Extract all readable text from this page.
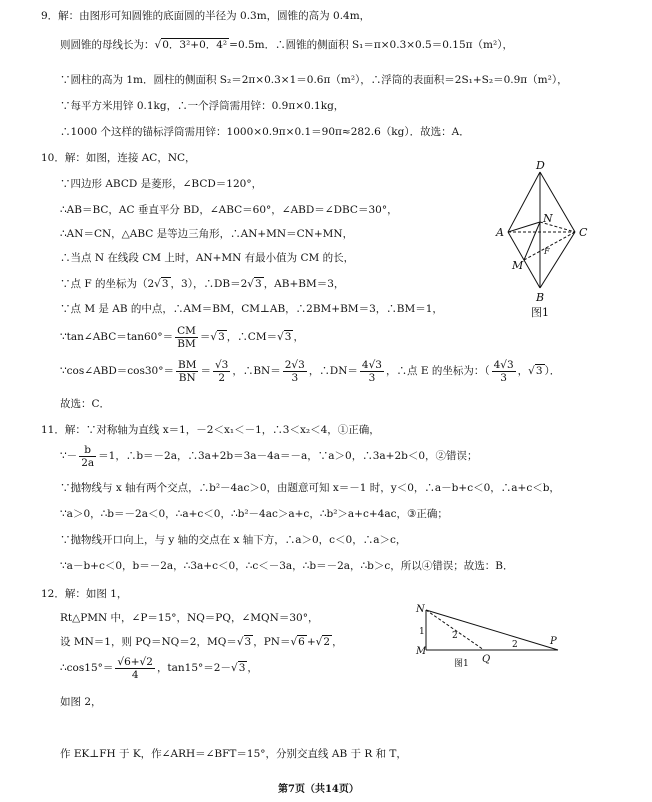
9．解：由图形可知圆锥的底面圆的半径为 0.3m，圆锥的高为 0.4m，
则圆锥的母线长为：√0．3²+0．4² =0.5m．∴圆锥的侧面积 S₁＝π×0.3×0.5＝0.15π（m²），
∵圆柱的高为 1m．圆柱的侧面积 S₂＝2π×0.3×1＝0.6π（m²），∴浮筒的表面积＝2S₁+S₂＝0.9π（m²），
∵每平方米用锌 0.1kg，∴一个浮筒需用锌：0.9π×0.1kg，
∴1000 个这样的锚标浮筒需用锌：1000×0.9π×0.1＝90π≈282.6（kg）．故选：A．
10．解：如图，连接 AC，NC，
∵四边形 ABCD 是菱形，∠BCD＝120°，
∴AB＝BC，AC 垂直平分 BD，∠ABC＝60°，∠ABD＝∠DBC＝30°，
∴AN＝CN，△ABC 是等边三角形，∴AN+MN＝CN+MN，
∴当点 N 在线段 CM 上时，AN+MN 有最小值为 CM 的长，
∵点 F 的坐标为（2√3 ，3），∴DB＝2√3 ，AB+BM＝3，
∵点 M 是 AB 的中点，∴AM＝BM，CM⊥AB，∴2BM+BM＝3，∴BM＝1，
∵tan∠ABC＝tan60°＝ $\frac{CM}{BM} =√3$ ，∴CM＝√3 ，
∵cos∠ABD＝cos30°＝ $\frac{BM}{BN} = \frac{√3}{2}$ ，∴BN＝ $\frac{2√3}{3}$ ，∴DN＝ $\frac{4√3}{3}$ ，∴点 E 的坐标为：（ $\frac{4√3}{3}$ ，√3 ）．
故选：C．
D
A	C
B
N
M
F
图1
11．解：∵对称轴为直线 x＝1，－2＜x₁＜－1，∴3＜x₂＜4，①正确，
∵－ $\frac{b}{2a} =1$，∴b＝－2a，∴3a+2b＝3a－4a＝－a，∵a＞0，∴3a+2b＜0，②错误；
∵抛物线与 x 轴有两个交点，∴b²－4ac＞0，由题意可知 x＝－1 时，y＜0，∴a－b+c＜0，∴a+c＜b，
∵a＞0，∴b＝－2a＜0，∴a+c＜0，∴b²－4ac＞a+c，∴b²＞a+c+4ac，③正确；
∵抛物线开口向上，与 y 轴的交点在 x 轴下方，∴a＞0，c＜0，∴a＞c，
∵a－b+c＜0，b＝－2a，∴3a+c＜0，∴c＜－3a，∴b＝－2a，∴b＞c，所以④错误；故选：B．
12．解：如图 1，
Rt△PMN 中，∠P＝15°，NQ＝PQ，∠MQN＝30°，
设 MN＝1，则 PQ＝NQ＝2，MQ＝√3 ，PN＝√6 +√2 ，
∴cos15°＝ $\frac{√6+√2}{4}$ ，tan15°＝2－√3 ，
如图 2，
作 EK⊥FH 于 K，作∠ARH＝∠BFT＝15°，分别交直线 AB 于 R 和 T，
N
M
P
Q
1	2
2
图1
第7页（共14页）
